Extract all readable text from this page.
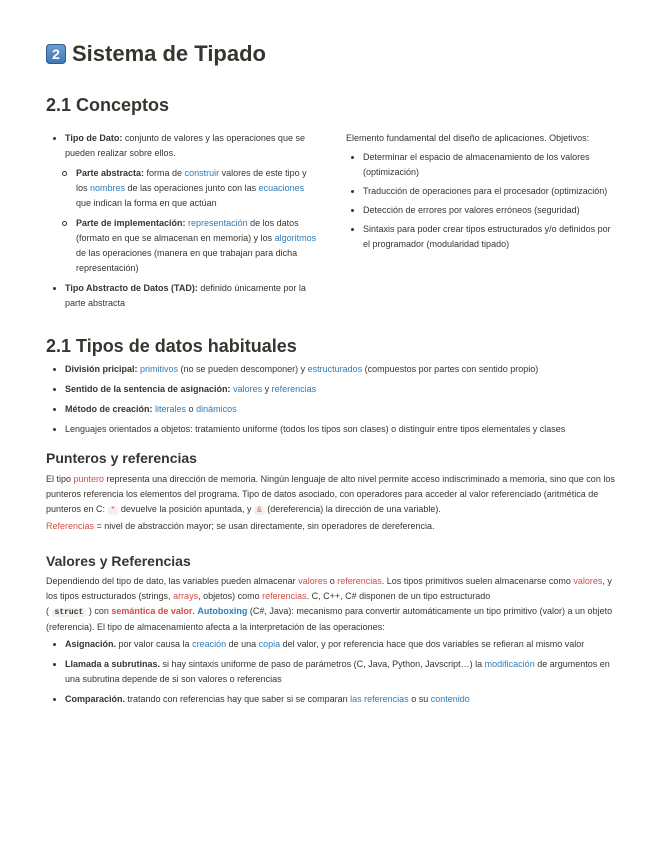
2 Sistema de Tipado
2.1 Conceptos
Tipo de Dato: conjunto de valores y las operaciones que se pueden realizar sobre ellos.
Parte abstracta: forma de construir valores de este tipo y los nombres de las operaciones junto con las ecuaciones que indican la forma en que actúan
Parte de implementación: representación de los datos (formato en que se almacenan en memoria) y los algoritmos de las operaciones (manera en que trabajan para dicha representación)
Tipo Abstracto de Datos (TAD): definido únicamente por la parte abstracta
Elemento fundamental del diseño de aplicaciones. Objetivos:
Determinar el espacio de almacenamiento de los valores (optimización)
Traducción de operaciones para el procesador (optimización)
Detección de errores por valores erróneos (seguridad)
Sintaxis para poder crear tipos estructurados y/o definidos por el programador (modularidad tipado)
2.1 Tipos de datos habituales
División pricipal: primitivos (no se pueden descomponer) y estructurados (compuestos por partes con sentido propio)
Sentido de la sentencia de asignación: valores y referencias
Método de creación: literales o dinámicos
Lenguajes orientados a objetos: tratamiento uniforme (todos los tipos son clases) o distinguir entre tipos elementales y clases
Punteros y referencias
El tipo puntero representa una dirección de memoria. Ningún lenguaje de alto nivel permite acceso indiscriminado a memoria, sino que con los punteros referencia los elementos del programa. Tipo de datos asociado, con operadores para acceder al valor referenciado (aritmética de punteros en C: * devuelve la posición apuntada, y & (dereferencia) la dirección de una variable).
Referencias = nivel de abstracción mayor; se usan directamente, sin operadores de dereferencia.
Valores y Referencias
Dependiendo del tipo de dato, las variables pueden almacenar valores o referencias. Los tipos primitivos suelen almacenarse como valores, y los tipos estructurados (strings, arrays, objetos) como referencias. C, C++, C# disponen de un tipo estructurado
( struct ) con semántica de valor. Autoboxing (C#, Java): mecanismo para convertir automáticamente un tipo primitivo (valor) a un objeto (referencia). El tipo de almacenamiento afecta a la interpretación de las operaciones:
Asignación. por valor causa la creación de una copia del valor, y por referencia hace que dos variables se refieran al mismo valor
Llamada a subrutinas. si hay sintaxis uniforme de paso de parámetros (C, Java, Python, Javscript…) la modificación de argumentos en una subrutina depende de si son valores o referencias
Comparación. tratando con referencias hay que saber si se comparan las referencias o su contenido
